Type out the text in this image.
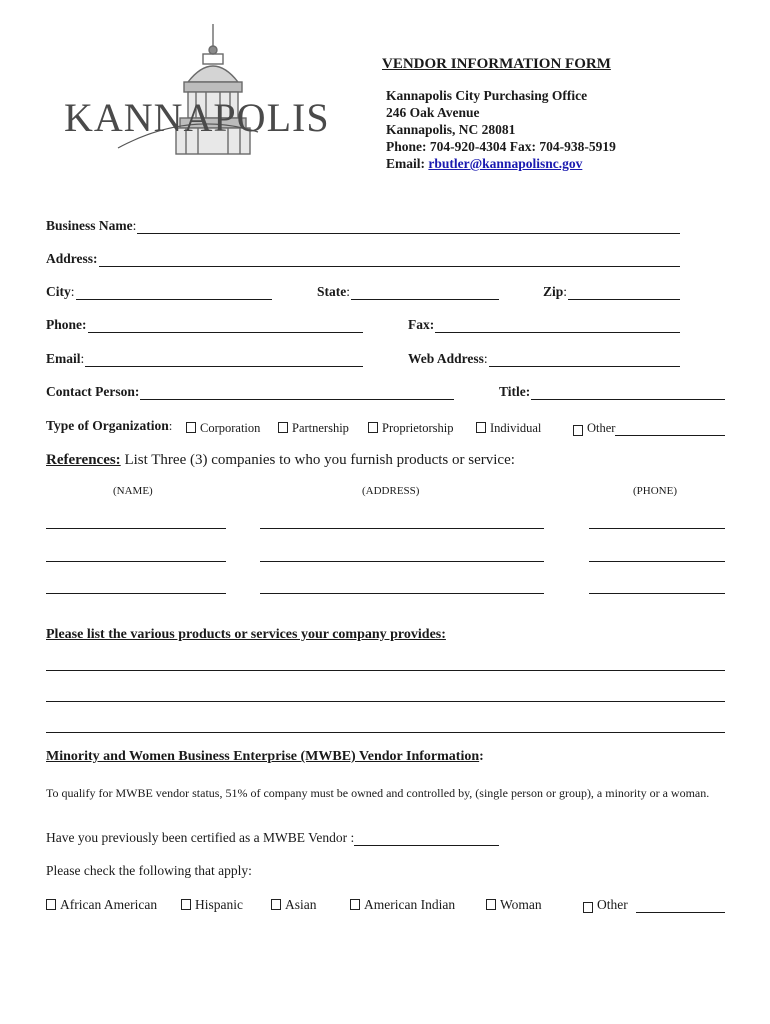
KANNAPOLIS
VENDOR INFORMATION FORM
Kannapolis City Purchasing Office
246 Oak Avenue
Kannapolis, NC 28081
Phone: 704-920-4304 Fax: 704-938-5919
Email: rbutler@kannapolisnc.gov
Business Name :
Address:
City :	State :	Zip :
Phone:	Fax:
Email :	Web Address :
Contact Person:	Title:
Type of Organization:	Corporation	Partnership	Proprietorship	Individual	Other
References: List Three (3) companies to who you furnish products or service:
(NAME)	(ADDRESS)	(PHONE)
Please list the various products or services your company provides:
Minority and Women Business Enterprise (MWBE) Vendor Information:
To qualify for MWBE vendor status, 51% of company must be owned and controlled by, (single person or group), a minority or a woman.
Have you previously been certified as a MWBE Vendor :
Please check the following that apply:
African American	Hispanic	Asian	American Indian	Woman	Other
